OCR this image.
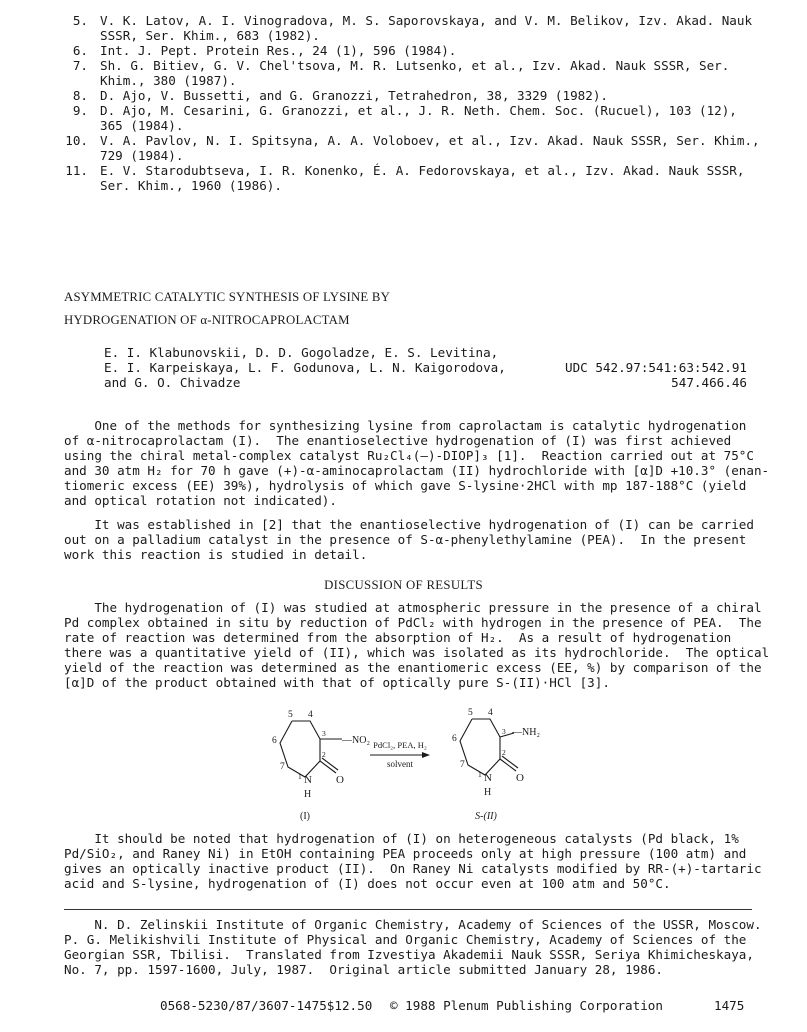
5. V. K. Latov, A. I. Vinogradova, M. S. Saporovskaya, and V. M. Belikov, Izv. Akad. Nauk
SSSR, Ser. Khim., 683 (1982).
6. Int. J. Pept. Protein Res., 24 (1), 596 (1984).
7. Sh. G. Bitiev, G. V. Chel'tsova, M. R. Lutsenko, et al., Izv. Akad. Nauk SSSR, Ser.
Khim., 380 (1987).
8. D. Ajo, V. Bussetti, and G. Granozzi, Tetrahedron, 38, 3329 (1982).
9. D. Ajo, M. Cesarini, G. Granozzi, et al., J. R. Neth. Chem. Soc. (Rucuel), 103 (12),
365 (1984).
10. V. A. Pavlov, N. I. Spitsyna, A. A. Voloboev, et al., Izv. Akad. Nauk SSSR, Ser. Khim.,
729 (1984).
11. E. V. Starodubtseva, I. R. Konenko, É. A. Fedorovskaya, et al., Izv. Akad. Nauk SSSR,
Ser. Khim., 1960 (1986).
ASYMMETRIC CATALYTIC SYNTHESIS OF LYSINE BY
HYDROGENATION OF α-NITROCAPROLACTAM
E. I. Klabunovskii, D. D. Gogoladze, E. S. Levitina,
E. I. Karpeiskaya, L. F. Godunova, L. N. Kaigorodova,
and G. O. Chivadze
UDC 542.97:541:63:542.91
547.466.46
One of the methods for synthesizing lysine from caprolactam is catalytic hydrogenation
of α-nitrocaprolactam (I).  The enantioselective hydrogenation of (I) was first achieved
using the chiral metal-complex catalyst Ru₂Cl₄(–)-DIOP]₃ [1].  Reaction carried out at 75°C
and 30 atm H₂ for 70 h gave (+)-α-aminocaprolactam (II) hydrochloride with [α]D +10.3° (enan-
tiomeric excess (EE) 39%), hydrolysis of which gave S-lysine·2HCl with mp 187-188°C (yield
and optical rotation not indicated).
It was established in [2] that the enantioselective hydrogenation of (I) can be carried
out on a palladium catalyst in the presence of S-α-phenylethylamine (PEA).  In the present
work this reaction is studied in detail.
DISCUSSION OF RESULTS
The hydrogenation of (I) was studied at atmospheric pressure in the presence of a chiral
Pd complex obtained in situ by reduction of PdCl₂ with hydrogen in the presence of PEA.  The
rate of reaction was determined from the absorption of H₂.  As a result of hydrogenation
there was a quantitative yield of (II), which was isolated as its hydrochloride.  The optical
yield of the reaction was determined as the enantiomeric excess (EE, %) by comparison of the
[α]D of the product obtained with that of optically pure S-(II)·HCl [3].
5 4
3
6
2
7
1 N O
H
—NO₂ PdCl₂, PEA, H₂
solvent
5 4
3
6
2
7
1 N O
H
—NH₂
(I)	S-(II)
It should be noted that hydrogenation of (I) on heterogeneous catalysts (Pd black, 1%
Pd/SiO₂, and Raney Ni) in EtOH containing PEA proceeds only at high pressure (100 atm) and
gives an optically inactive product (II).  On Raney Ni catalysts modified by RR-(+)-tartaric
acid and S-lysine, hydrogenation of (I) does not occur even at 100 atm and 50°C.
N. D. Zelinskii Institute of Organic Chemistry, Academy of Sciences of the USSR, Moscow.
P. G. Melikishvili Institute of Physical and Organic Chemistry, Academy of Sciences of the
Georgian SSR, Tbilisi.  Translated from Izvestiya Akademii Nauk SSSR, Seriya Khimicheskaya,
No. 7, pp. 1597-1600, July, 1987.  Original article submitted January 28, 1986.
0568-5230/87/3607-1475$12.50 © 1988 Plenum Publishing Corporation	1475
